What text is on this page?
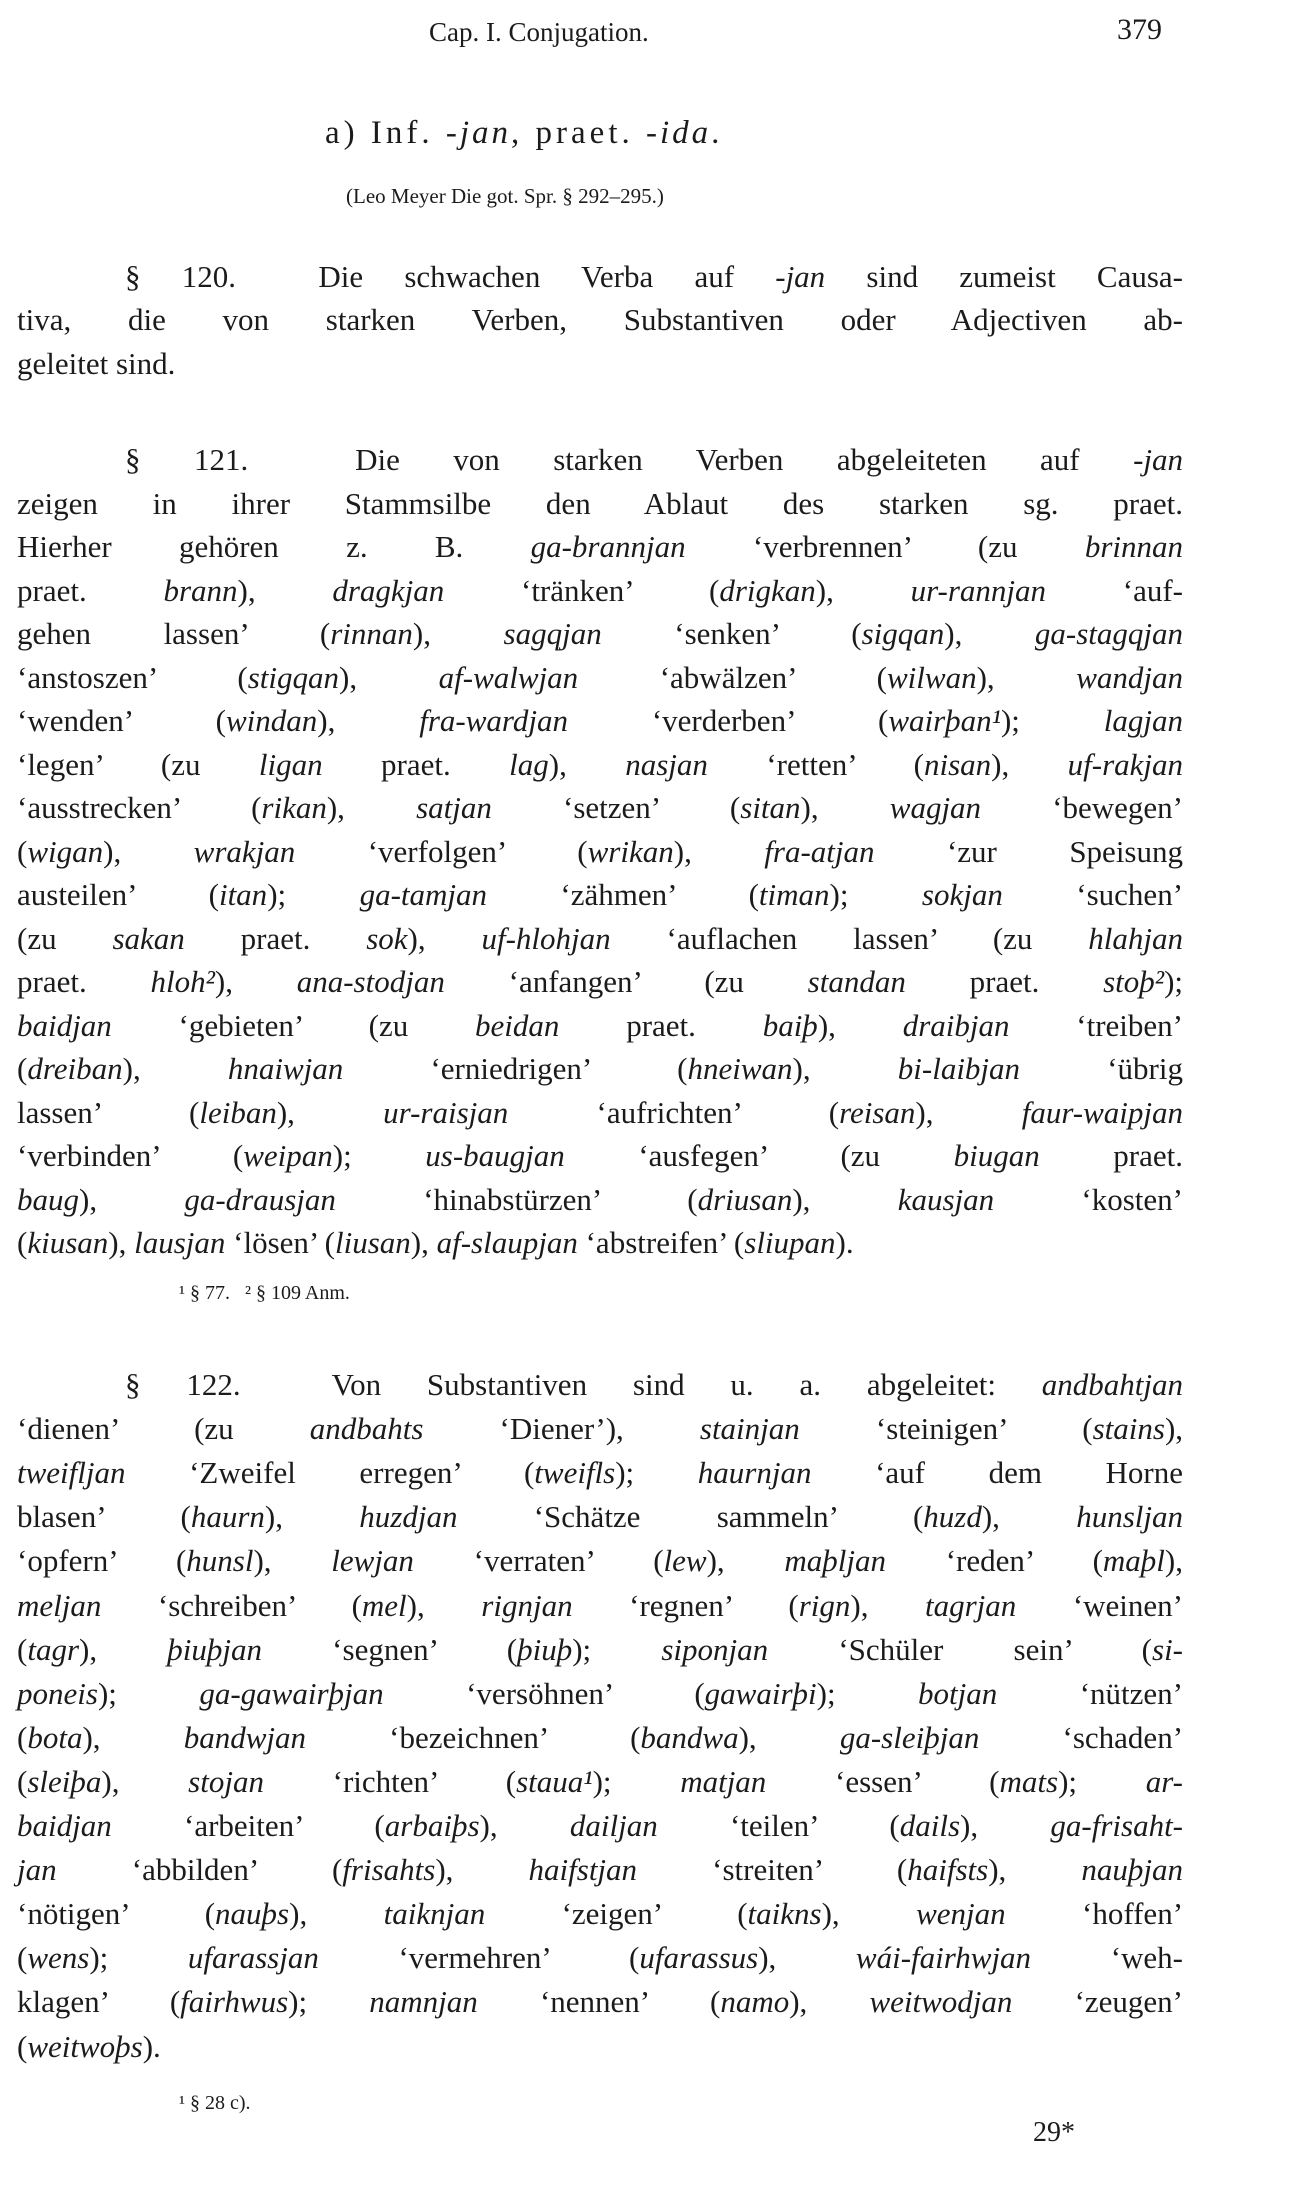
Cap. I. Conjugation.	379
a) Inf. -jan, praet. -ida.
(Leo Meyer Die got. Spr. § 292–295.)
§ 120.  Die schwachen Verba auf -jan sind zumeist Causa-
tiva, die von starken Verben, Substantiven oder Adjectiven ab-
geleitet sind.
§ 121.  Die von starken Verben abgeleiteten auf -jan
zeigen in ihrer Stammsilbe den Ablaut des starken sg. praet.
Hierher gehören z. B. ga-brannjan ‘verbrennen’ (zu brinnan
praet. brann), dragkjan ‘tränken’ (drigkan), ur-rannjan ‘auf-
gehen lassen’ (rinnan), sagqjan ‘senken’ (sigqan), ga-stagqjan
‘anstoszen’ (stigqan), af-walwjan ‘abwälzen’ (wilwan), wandjan
‘wenden’ (windan), fra-wardjan ‘verderben’ (wairþan¹); lagjan
‘legen’ (zu ligan praet. lag), nasjan ‘retten’ (nisan), uf-rakjan
‘ausstrecken’ (rikan), satjan ‘setzen’ (sitan), wagjan ‘bewegen’
(wigan), wrakjan ‘verfolgen’ (wrikan), fra-atjan ‘zur Speisung
austeilen’ (itan); ga-tamjan ‘zähmen’ (timan); sokjan ‘suchen’
(zu sakan praet. sok), uf-hlohjan ‘auflachen lassen’ (zu hlahjan
praet. hloh²), ana-stodjan ‘anfangen’ (zu standan praet. stoþ²);
baidjan ‘gebieten’ (zu beidan praet. baiþ), draibjan ‘treiben’
(dreiban), hnaiwjan ‘erniedrigen’ (hneiwan), bi-laibjan ‘übrig
lassen’ (leiban), ur-raisjan ‘aufrichten’ (reisan), faur-waipjan
‘verbinden’ (weipan); us-baugjan ‘ausfegen’ (zu biugan praet.
baug), ga-drausjan ‘hinabstürzen’ (driusan), kausjan ‘kosten’
(kiusan), lausjan ‘lösen’ (liusan), af-slaupjan ‘abstreifen’ (sliupan).
§ 122.  Von Substantiven sind u. a. abgeleitet: andbahtjan
‘dienen’ (zu andbahts ‘Diener’), stainjan ‘steinigen’ (stains),
tweifljan ‘Zweifel erregen’ (tweifls); haurnjan ‘auf dem Horne
blasen’ (haurn), huzdjan ‘Schätze sammeln’ (huzd), hunsljan
‘opfern’ (hunsl), lewjan ‘verraten’ (lew), maþljan ‘reden’ (maþl),
meljan ‘schreiben’ (mel), rignjan ‘regnen’ (rign), tagrjan ‘weinen’
(tagr), þiuþjan ‘segnen’ (þiuþ); siponjan ‘Schüler sein’ (si-
poneis); ga-gawairþjan ‘versöhnen’ (gawairþi); botjan ‘nützen’
(bota), bandwjan ‘bezeichnen’ (bandwa), ga-sleiþjan ‘schaden’
(sleiþa), stojan ‘richten’ (staua¹); matjan ‘essen’ (mats); ar-
baidjan ‘arbeiten’ (arbaiþs), dailjan ‘teilen’ (dails), ga-frisaht-
jan ‘abbilden’ (frisahts), haifstjan ‘streiten’ (haifsts), nauþjan
‘nötigen’ (nauþs), taiknjan ‘zeigen’ (taikns), wenjan ‘hoffen’
(wens); ufarassjan ‘vermehren’ (ufarassus), wái-fairhwjan ‘weh-
klagen’ (fairhwus); namnjan ‘nennen’ (namo), weitwodjan ‘zeugen’
(weitwoþs).
¹ § 77.   ² § 109 Anm.
¹ § 28 c).
29*
